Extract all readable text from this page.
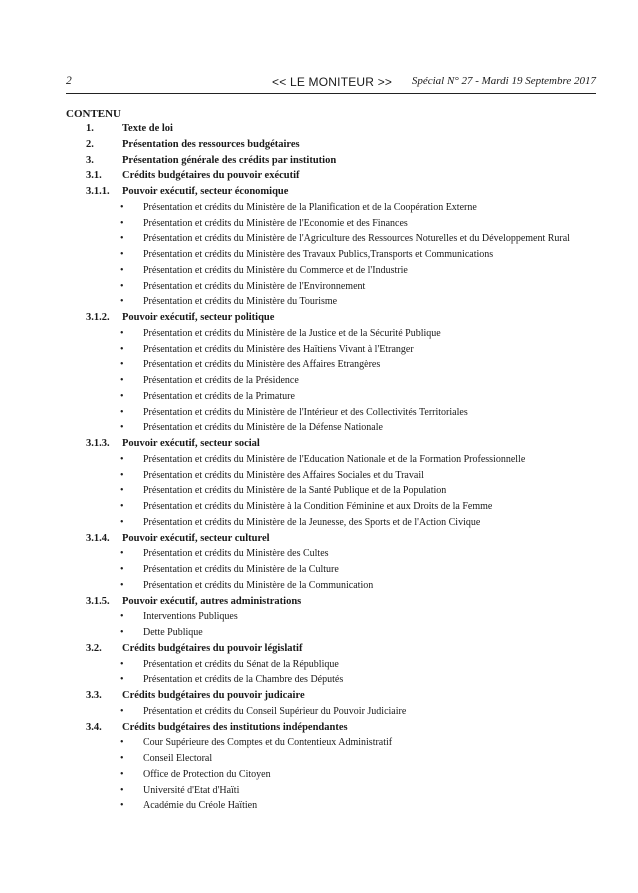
2	<< LE MONITEUR >> Spécial N° 27 - Mardi 19 Septembre 2017
CONTENU
1.	Texte de loi
2.	Présentation des ressources budgétaires
3.	Présentation générale des crédits par institution
3.1. Crédits budgétaires du pouvoir exécutif
3.1.1. Pouvoir exécutif, secteur économique
• Présentation et crédits du Ministère de la Planification et de la Coopération Externe
• Présentation et crédits du Ministère de l'Economie et des Finances
• Présentation et crédits du Ministère de l'Agriculture des Ressources Noturelles et du Développement Rural
• Présentation et crédits du Ministère des Travaux Publics,Transports et Communications
• Présentation et crédits du Ministère du Commerce et de l'Industrie
• Présentation et crédits du Ministère de l'Environnement
• Présentation et crédits du Ministère du Tourisme
3.1.2. Pouvoir exécutif, secteur politique
• Présentation et crédits du Ministère de la Justice et de la Sécurité Publique
• Présentation et crédits du Ministère des Haïtiens Vivant à l'Etranger
• Présentation et crédits du Ministère des Affaires Etrangères
• Présentation et crédits de la Présidence
• Présentation et crédits de la Primature
• Présentation et crédits du Ministère de l'Intérieur et des Collectivités Territoriales
• Présentation et crédits du Ministère de la Défense Nationale
3.1.3. Pouvoir exécutif, secteur social
• Présentation et crédits du Ministère de l'Education Nationale et de la Formation Professionnelle
• Présentation et crédits du Ministère des Affaires Sociales et du Travail
• Présentation et crédits du Ministère de la Santé Publique et de la Population
• Présentation et crédits du Ministère à la Condition Féminine et aux Droits de la Femme
• Présentation et crédits du Ministère de la Jeunesse, des Sports et de l'Action Civique
3.1.4. Pouvoir exécutif, secteur culturel
• Présentation et crédits du Ministère des Cultes
• Présentation et crédits du Ministère de la Culture
• Présentation et crédits du Ministère de la Communication
3.1.5. Pouvoir exécutif, autres administrations
• Interventions Publiques
• Dette Publique
3.2. Crédits budgétaires du pouvoir législatif
• Présentation et crédits du Sénat de la République
• Présentation et crédits de la Chambre des Députés
3.3. Crédits budgétaires du pouvoir judicaire
• Présentation et crédits du Conseil Supérieur du Pouvoir Judiciaire
3.4. Crédits budgétaires des institutions indépendantes
• Cour Supérieure des Comptes et du Contentieux Administratif
• Conseil Electoral
• Office de Protection du Citoyen
• Université d'Etat d'Haïti
• Académie du Créole Haïtien
